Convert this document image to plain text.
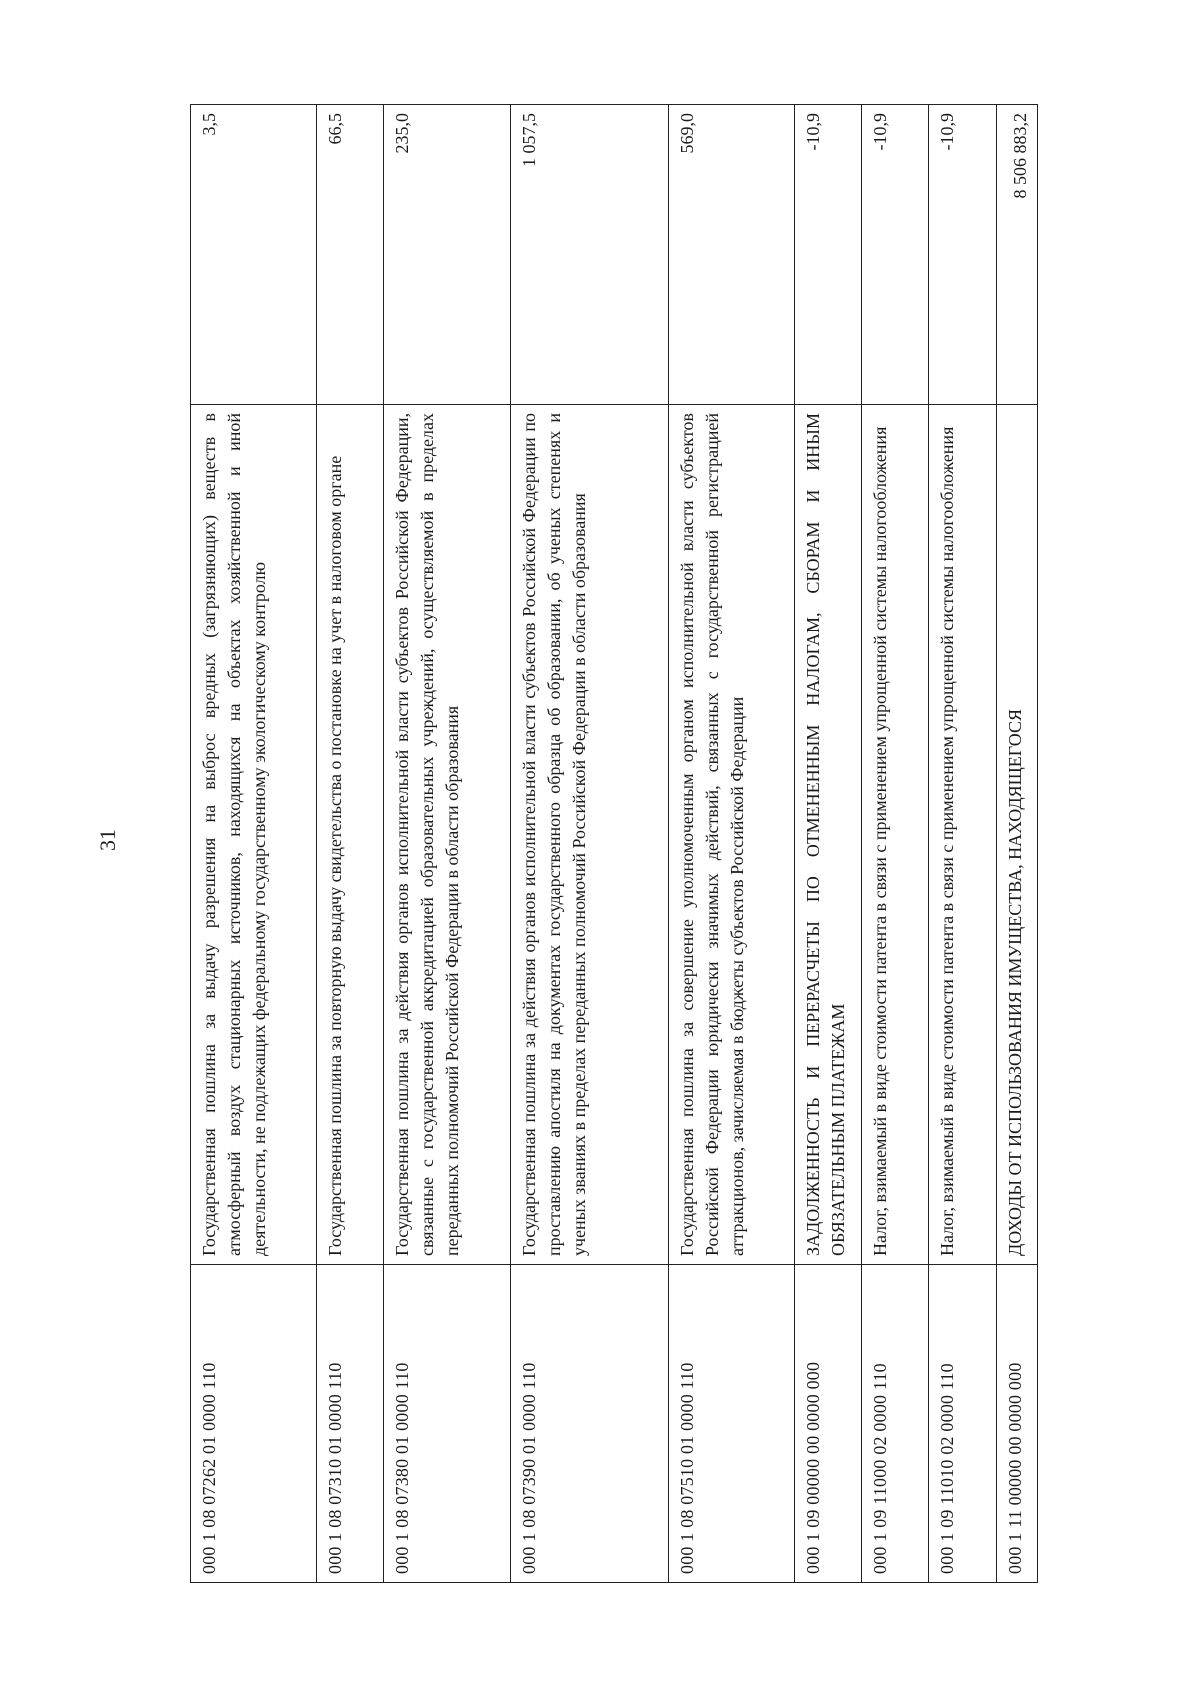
31
000 1 08 07262 01 0000 110	Государственная пошлина за выдачу разрешения на выброс вредных (загрязняющих) веществ в атмосферный воздух стационарных источников, находящихся на объектах хозяйственной и иной деятельности, не подлежащих федеральному государственному экологическому контролю	3,5
000 1 08 07310 01 0000 110	Государственная пошлина за повторную выдачу свидетельства о постановке на учет в налоговом органе	66,5
000 1 08 07380 01 0000 110	Государственная пошлина за действия органов исполнительной власти субъектов Российской Федерации, связанные с государственной аккредитацией образовательных учреждений, осуществляемой в пределах переданных полномочий Российской Федерации в области образования	235,0
000 1 08 07390 01 0000 110	Государственная пошлина за действия органов исполнительной власти субъектов Российской Федерации по проставлению апостиля на документах государственного образца об образовании, об ученых степенях и ученых званиях в пределах переданных полномочий Российской Федерации в области образования	1 057,5
000 1 08 07510 01 0000 110	Государственная пошлина за совершение уполномоченным органом исполнительной власти субъектов Российской Федерации юридически значимых действий, связанных с государственной регистрацией аттракционов, зачисляемая в бюджеты субъектов Российской Федерации	569,0
000 1 09 00000 00 0000 000	ЗАДОЛЖЕННОСТЬ И ПЕРЕРАСЧЕТЫ ПО ОТМЕНЕННЫМ НАЛОГАМ, СБОРАМ И ИНЫМ ОБЯЗАТЕЛЬНЫМ ПЛАТЕЖАМ	-10,9
000 1 09 11000 02 0000 110	Налог, взимаемый в виде стоимости патента в связи с применением упрощенной системы налогообложения	-10,9
000 1 09 11010 02 0000 110	Налог, взимаемый в виде стоимости патента в связи с применением упрощенной системы налогообложения	-10,9
000 1 11 00000 00 0000 000	ДОХОДЫ ОТ ИСПОЛЬЗОВАНИЯ ИМУЩЕСТВА, НАХОДЯЩЕГОСЯ	8 506 883,2
